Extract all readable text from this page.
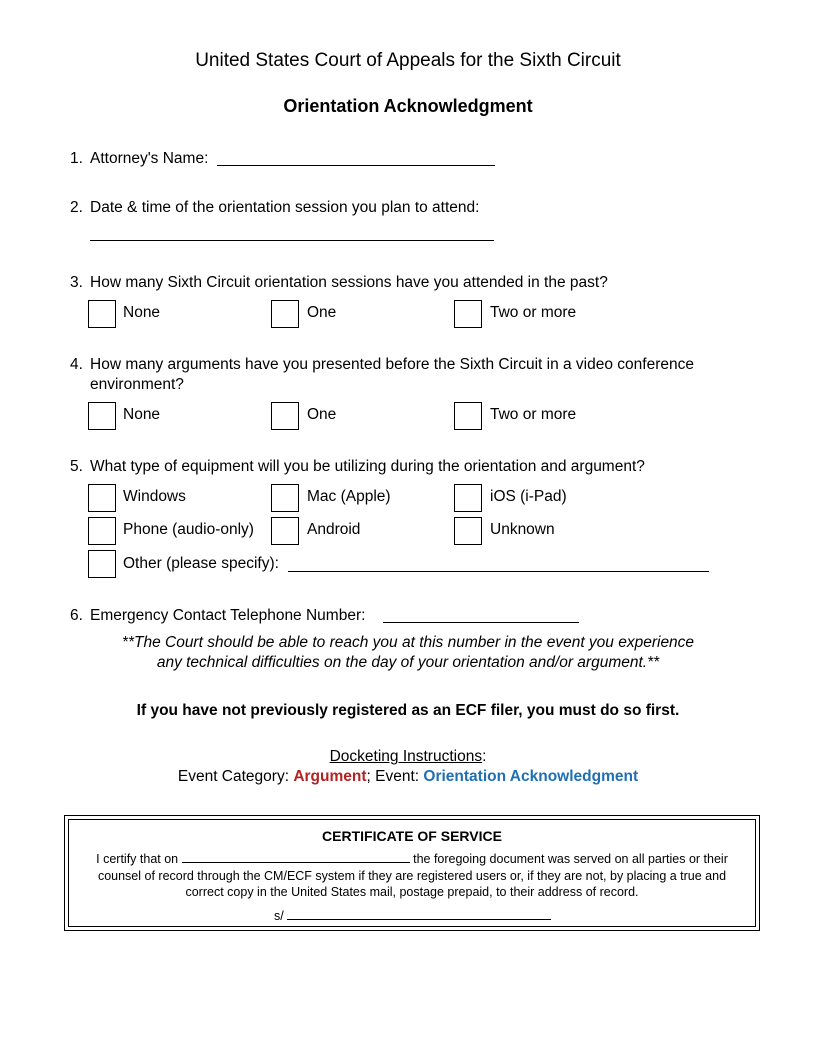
United States Court of Appeals for the Sixth Circuit
Orientation Acknowledgment
1. Attorney's Name:
2. Date & time of the orientation session you plan to attend:
3. How many Sixth Circuit orientation sessions have you attended in the past?
None	One	Two or more
4. How many arguments have you presented before the Sixth Circuit in a video conference
environment?
None	One	Two or more
5. What type of equipment will you be utilizing during the orientation and argument?
Windows	Mac (Apple)	iOS (i-Pad)
Phone (audio-only)	Android	Unknown
Other (please specify):
6. Emergency Contact Telephone Number:
**The Court should be able to reach you at this number in the event you experience
any technical difficulties on the day of your orientation and/or argument.**
If you have not previously registered as an ECF filer, you must do so first.
Docketing Instructions:
Event Category: Argument; Event: Orientation Acknowledgment
CERTIFICATE OF SERVICE
I certify that on	the foregoing document was served on all parties or their
counsel of record through the CM/ECF system if they are registered users or, if they are not, by placing a true and
correct copy in the United States mail, postage prepaid, to their address of record.
s/
